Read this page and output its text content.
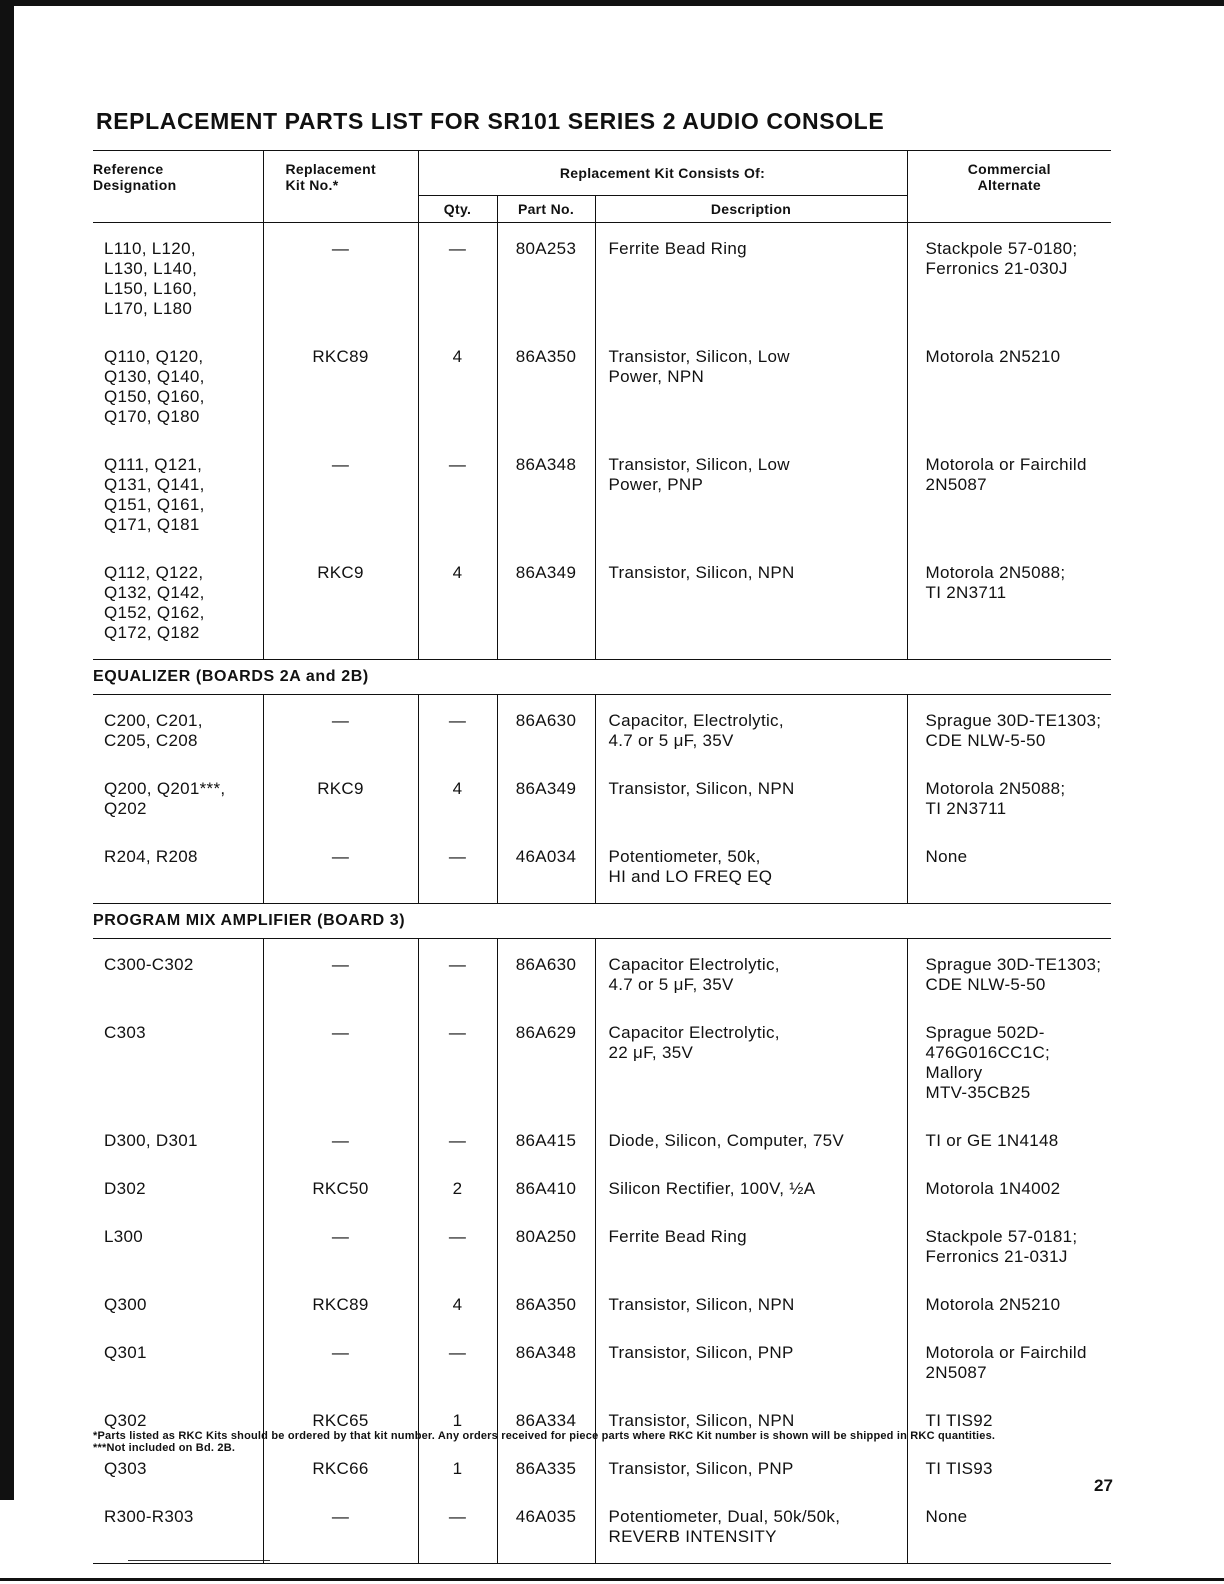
REPLACEMENT PARTS LIST FOR SR101 SERIES 2 AUDIO CONSOLE
Reference
Designation	Replacement
Kit No.*	Replacement Kit Consists Of:			Commercial
Alternate

		Qty.	Part No.	Description	

L110, L120,
L130, L140,
L150, L160,
L170, L180	—	—	80A253	Ferrite Bead Ring	Stackpole 57-0180;
Ferronics 21-030J

Q110, Q120,
Q130, Q140,
Q150, Q160,
Q170, Q180	RKC89	4	86A350	Transistor, Silicon, Low
Power, NPN	Motorola 2N5210

Q111, Q121,
Q131, Q141,
Q151, Q161,
Q171, Q181	—	—	86A348	Transistor, Silicon, Low
Power, PNP	Motorola or Fairchild
2N5087

Q112, Q122,
Q132, Q142,
Q152, Q162,
Q172, Q182	RKC9	4	86A349	Transistor, Silicon, NPN	Motorola 2N5088;
TI 2N3711

EQUALIZER (BOARDS 2A and 2B)					

C200, C201,
C205, C208	—	—	86A630	Capacitor, Electrolytic,
4.7 or 5 μF, 35V	Sprague 30D-TE1303;
CDE NLW-5-50

Q200, Q201***,
Q202	RKC9	4	86A349	Transistor, Silicon, NPN	Motorola 2N5088;
TI 2N3711

R204, R208	—	—	46A034	Potentiometer, 50k,
HI and LO FREQ EQ	None

PROGRAM MIX AMPLIFIER (BOARD 3)					

C300-C302	—	—	86A630	Capacitor Electrolytic,
4.7 or 5 μF, 35V	Sprague 30D-TE1303;
CDE NLW-5-50

C303	—	—	86A629	Capacitor Electrolytic,
22 μF, 35V	Sprague 502D-
476G016CC1C;
Mallory
MTV-35CB25

D300, D301	—	—	86A415	Diode, Silicon, Computer, 75V	TI or GE 1N4148

D302	RKC50	2	86A410	Silicon Rectifier, 100V, ½A	Motorola 1N4002

L300	—	—	80A250	Ferrite Bead Ring	Stackpole 57-0181;
Ferronics 21-031J

Q300	RKC89	4	86A350	Transistor, Silicon, NPN	Motorola 2N5210

Q301	—	—	86A348	Transistor, Silicon, PNP	Motorola or Fairchild
2N5087

Q302	RKC65	1	86A334	Transistor, Silicon, NPN	TI TIS92

Q303	RKC66	1	86A335	Transistor, Silicon, PNP	TI TIS93

R300-R303	—	—	46A035	Potentiometer, Dual, 50k/50k,
REVERB INTENSITY	None
*Parts listed as RKC Kits should be ordered by that kit number. Any orders received for piece parts where RKC Kit number is shown will be shipped in RKC quantities.
***Not included on Bd. 2B.
27
